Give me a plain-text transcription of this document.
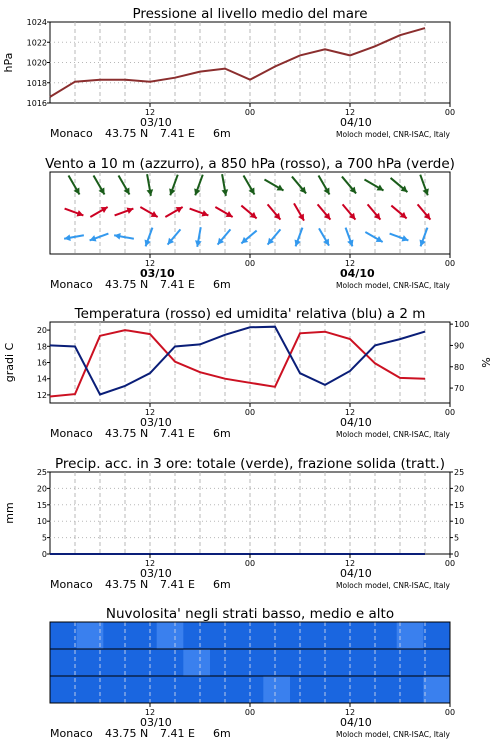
Pressione al livello medio del mare
1016
1018
1020
1022
1024
hPa
12	00	12	00
03/10	04/10
Monaco 43.75 N 7.41 E 6m	Moloch model, CNR-ISAC, Italy
Vento a 10 m (azzurro), a 850 hPa (rosso), a 700 hPa (verde)
12	00	12	00
03/10	04/10
Monaco 43.75 N 7.41 E 6m	Moloch model, CNR-ISAC, Italy
Temperatura (rosso) ed umidita' relativa (blu) a 2 m
12
14
16
18
20
gradi C
70
80
90
100
%
12	00	12	00
03/10	04/10
Monaco 43.75 N 7.41 E 6m	Moloch model, CNR-ISAC, Italy
Precip. acc. in 3 ore: totale (verde), frazione solida (tratt.)
0
5
10
15
20
25
mm
0
5
10
15
20
25
12	00	12	00
03/10	04/10
Monaco 43.75 N 7.41 E 6m	Moloch model, CNR-ISAC, Italy
Nuvolosita' negli strati basso, medio e alto
12	00	12	00
03/10	04/10
Monaco 43.75 N 7.41 E 6m	Moloch model, CNR-ISAC, Italy
